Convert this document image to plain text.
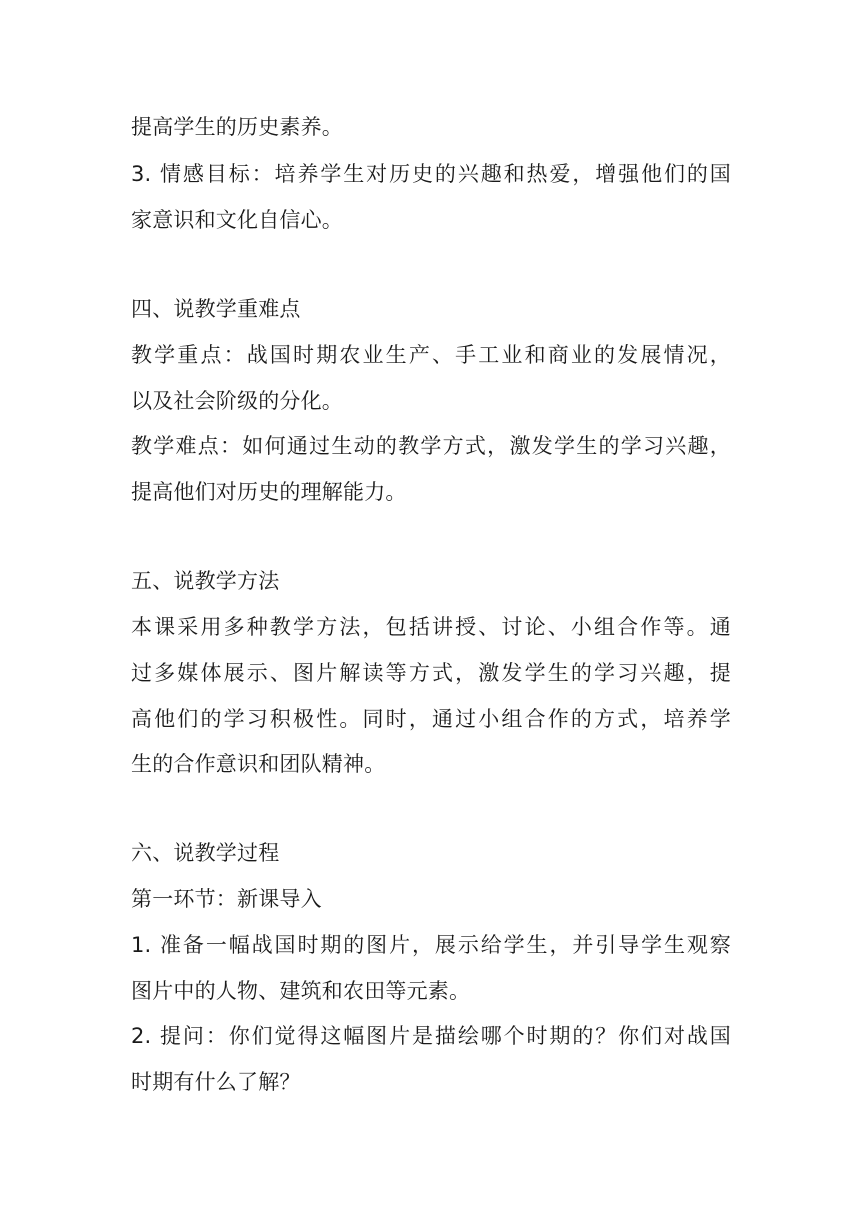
提高学生的历史素养。
3. 情感目标：培养学生对历史的兴趣和热爱，增强他们的国
家意识和文化自信心。
四、说教学重难点
教学重点：战国时期农业生产、手工业和商业的发展情况，
以及社会阶级的分化。
教学难点：如何通过生动的教学方式，激发学生的学习兴趣，
提高他们对历史的理解能力。
五、说教学方法
本课采用多种教学方法，包括讲授、讨论、小组合作等。通
过多媒体展示、图片解读等方式，激发学生的学习兴趣，提
高他们的学习积极性。同时，通过小组合作的方式，培养学
生的合作意识和团队精神。
六、说教学过程
第一环节：新课导入
1. 准备一幅战国时期的图片，展示给学生，并引导学生观察
图片中的人物、建筑和农田等元素。
2. 提问：你们觉得这幅图片是描绘哪个时期的？你们对战国
时期有什么了解？
